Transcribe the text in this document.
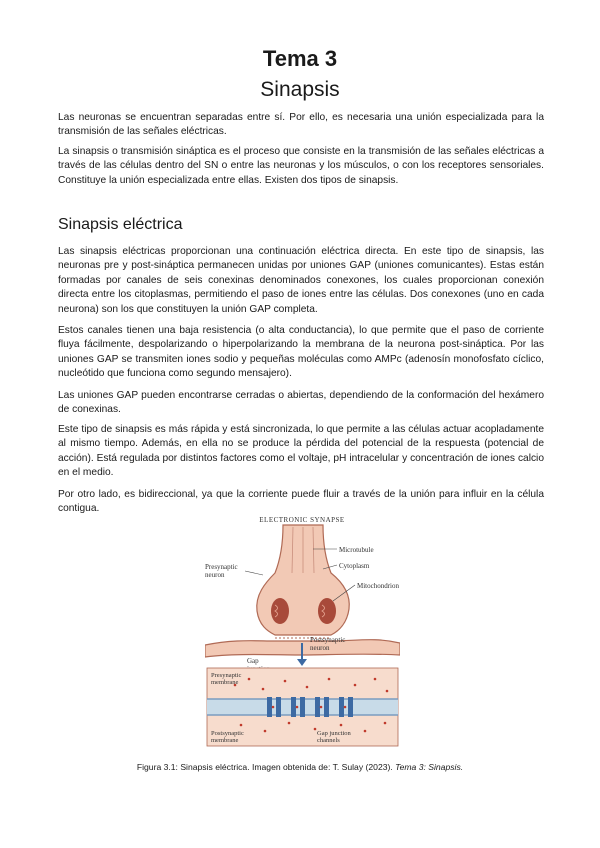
Tema 3
Sinapsis

Las neuronas se encuentran separadas entre sí. Por ello, es necesaria una unión especializada para la transmisión de las señales eléctricas.

La sinapsis o transmisión sináptica es el proceso que consiste en la transmisión de las señales eléctricas a través de las células dentro del SN o entre las neuronas y los músculos, o con los receptores sensoriales. Constituye la unión especializada entre ellas. Existen dos tipos de sinapsis.

Sinapsis eléctrica

Las sinapsis eléctricas proporcionan una continuación eléctrica directa. En este tipo de sinapsis, las neuronas pre y post-sináptica permanecen unidas por uniones GAP (uniones comunicantes). Estas están formadas por canales de seis conexinas denominados conexones, los cuales proporcionan conexión directa entre los citoplasmas, permitiendo el paso de iones entre las células. Dos conexones (uno en cada neurona) son los que constituyen la unión GAP completa.

Estos canales tienen una baja resistencia (o alta conductancia), lo que permite que el paso de corriente fluya fácilmente, despolarizando o hiperpolarizando la membrana de la neurona post-sináptica. Por las uniones GAP se transmiten iones sodio y pequeñas moléculas como AMPc (adenosín monofosfato cíclico, nucleótido que funciona como segundo mensajero).

Las uniones GAP pueden encontrarse cerradas o abiertas, dependiendo de la conformación del hexámero de conexinas.

Este tipo de sinapsis es más rápida y está sincronizada, lo que permite a las células actuar acopladamente al mismo tiempo. Además, en ella no se produce la pérdida del potencial de la respuesta (potencial de acción). Está regulada por distintos factores como el voltaje, pH intracelular y concentración de iones calcio en el medio.

Por otro lado, es bidireccional, ya que la corriente puede fluir a través de la unión para influir en la célula contigua.

ELECTRONIC SYNAPSE
Microtubule
Cytoplasm
Mitochondrion
Presynaptic
neuron
Gap
Postsynaptic
neuron
Presynaptic
membrane
Postsynaptic
membrane
Gap junction
channels

Figura 3.1: Sinapsis eléctrica. Imagen obtenida de: T. Sulay (2023). Tema 3: Sinapsis.
